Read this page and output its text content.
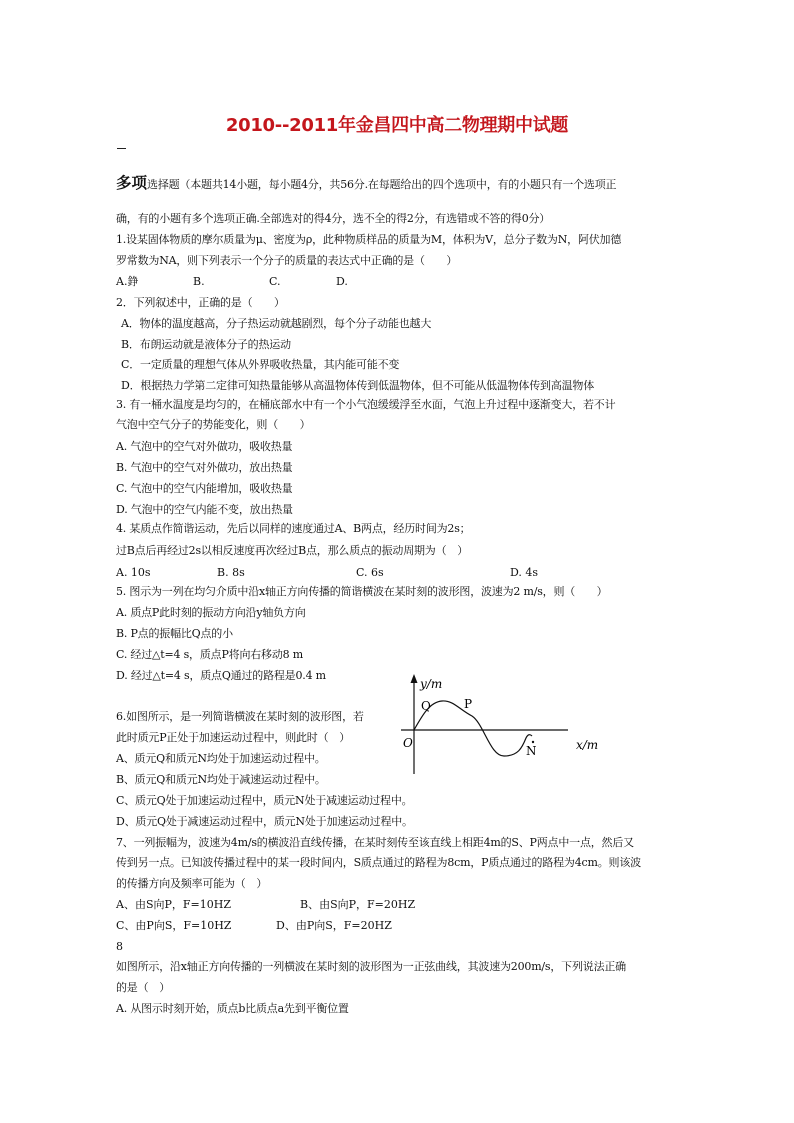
2010--2011年金昌四中高二物理期中试题
多项选择题（本题共14小题，每小题4分，共56分.在每题给出的四个选项中，有的小题只有一个选项正
确，有的小题有多个选项正确.全部选对的得4分，选不全的得2分，有选错或不答的得0分）
1.设某固体物质的摩尔质量为μ、密度为ρ，此种物质样品的质量为M，体积为V，总分子数为N，阿伏加德
罗常数为NA，则下列表示一个分子的质量的表达式中正确的是（　　）
A.錚	B.	C.	D.
2．下列叙述中，正确的是（　　）
A．物体的温度越高，分子热运动就越剧烈，每个分子动能也越大
B．布朗运动就是液体分子的热运动
C．一定质量的理想气体从外界吸收热量，其内能可能不变
D．根据热力学第二定律可知热量能够从高温物体传到低温物体，但不可能从低温物体传到高温物体
3. 有一桶水温度是均匀的，在桶底部水中有一个小气泡缓缓浮至水面，气泡上升过程中逐渐变大，若不计
气泡中空气分子的势能变化，则（　　）
A. 气泡中的空气对外做功，吸收热量
B. 气泡中的空气对外做功，放出热量
C. 气泡中的空气内能增加，吸收热量
D. 气泡中的空气内能不变，放出热量
4. 某质点作简谐运动，先后以同样的速度通过A、B两点，经历时间为2s；
过B点后再经过2s以相反速度再次经过B点，那么质点的振动周期为（　）
A. 10s	B. 8s	C. 6s	D. 4s
5. 图示为一列在均匀介质中沿x轴正方向传播的简谐横波在某时刻的波形图，波速为2 m/s，则（　　）
A. 质点P此时刻的振动方向沿y轴负方向
B. P点的振幅比Q点的小
C. 经过△t=4 s，质点P将向右移动8 m
D. 经过△t=4 s，质点Q通过的路程是0.4 m
6.如图所示，是一列简谐横波在某时刻的波形图，若
此时质元P正处于加速运动过程中，则此时（　）
A、质元Q和质元N均处于加速运动过程中。
B、质元Q和质元N均处于减速运动过程中。
C、质元Q处于加速运动过程中，质元N处于减速运动过程中。
D、质元Q处于减速运动过程中，质元N处于加速运动过程中。
y/m
x/m
O
Q	P
N
7、一列振幅为，波速为4m/s的横波沿直线传播，在某时刻传至该直线上相距4m的S、P两点中一点，然后又
传到另一点。已知波传播过程中的某一段时间内，S质点通过的路程为8cm，P质点通过的路程为4cm。则该波
的传播方向及频率可能为（　）
A、由S向P，F=10HZ	B、由S向P，F=20HZ
C、由P向S，F=10HZ	D、由P向S，F=20HZ
8
如图所示，沿x轴正方向传播的一列横波在某时刻的波形图为一正弦曲线，其波速为200m/s，下列说法正确
的是（　）
A. 从图示时刻开始，质点b比质点a先到平衡位置
